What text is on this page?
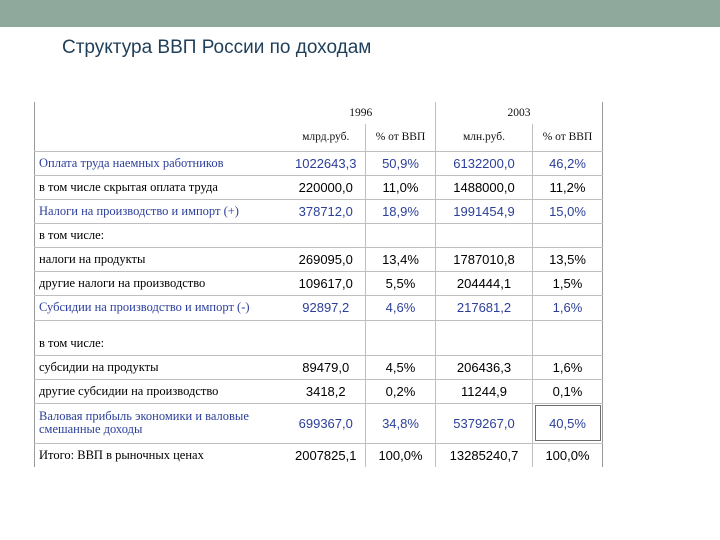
Структура ВВП России по доходам
	1996		2003	
	млрд.руб.	% от ВВП	млн.руб.	% от ВВП
Оплата труда наемных работников	1022643,3	50,9%	6132200,0	46,2%
в том числе скрытая оплата труда	220000,0	11,0%	1488000,0	11,2%
Налоги на производство и импорт (+)	378712,0	18,9%	1991454,9	15,0%
в том числе:				
налоги на продукты	269095,0	13,4%	1787010,8	13,5%
другие налоги на производство	109617,0	5,5%	204444,1	1,5%
Субсидии на производство и импорт (-)	92897,2	4,6%	217681,2	1,6%
в том числе:				
субсидии на продукты	89479,0	4,5%	206436,3	1,6%
другие субсидии на производство	3418,2	0,2%	11244,9	0,1%
Валовая прибыль экономики и валовые смешанные доходы	699367,0	34,8%	5379267,0	40,5%
Итого: ВВП в рыночных ценах	2007825,1	100,0%	13285240,7	100,0%
